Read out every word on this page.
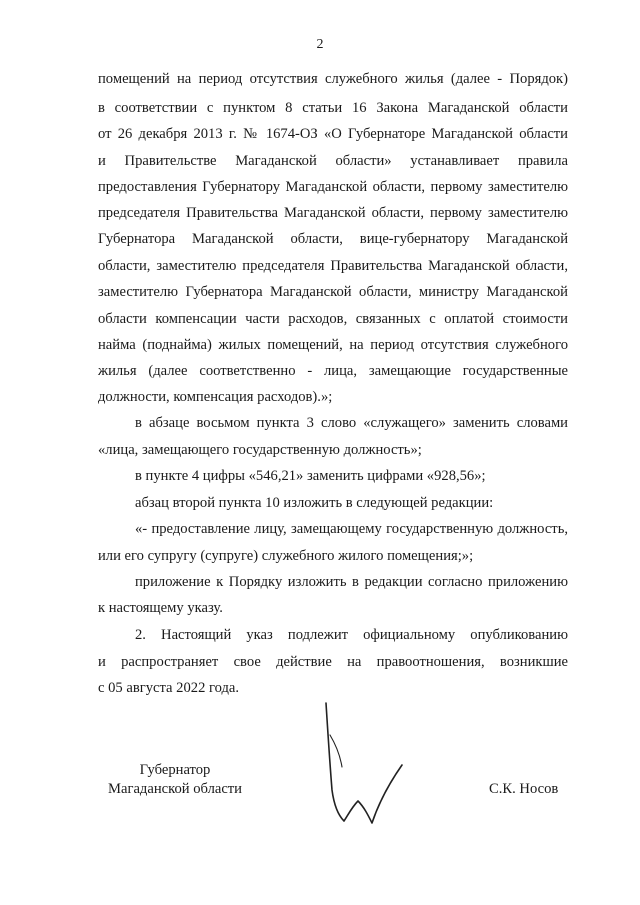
2
помещений на период отсутствия служебного жилья (далее - Порядок)
в соответствии с пунктом 8 статьи 16 Закона Магаданской области
от 26 декабря 2013 г. № 1674-ОЗ «О Губернаторе Магаданской области
и Правительстве Магаданской области» устанавливает правила
предоставления Губернатору Магаданской области, первому заместителю
председателя Правительства Магаданской области, первому заместителю
Губернатора Магаданской области, вице-губернатору Магаданской
области, заместителю председателя Правительства Магаданской области,
заместителю Губернатора Магаданской области, министру Магаданской
области компенсации части расходов, связанных с оплатой стоимости
найма (поднайма) жилых помещений, на период отсутствия служебного
жилья (далее соответственно - лица, замещающие государственные
должности, компенсация расходов).»;
в абзаце восьмом пункта 3 слово «служащего» заменить словами
«лица, замещающего государственную должность»;
в пункте 4 цифры «546,21» заменить цифрами «928,56»;
абзац второй пункта 10 изложить в следующей редакции:
«- предоставление лицу, замещающему государственную должность,
или его супругу (супруге) служебного жилого помещения;»;
приложение к Порядку изложить в редакции согласно приложению
к настоящему указу.
2. Настоящий указ подлежит официальному опубликованию
и распространяет свое действие на правоотношения, возникшие
с 05 августа 2022 года.
Губернатор
Магаданской области	С.К. Носов
